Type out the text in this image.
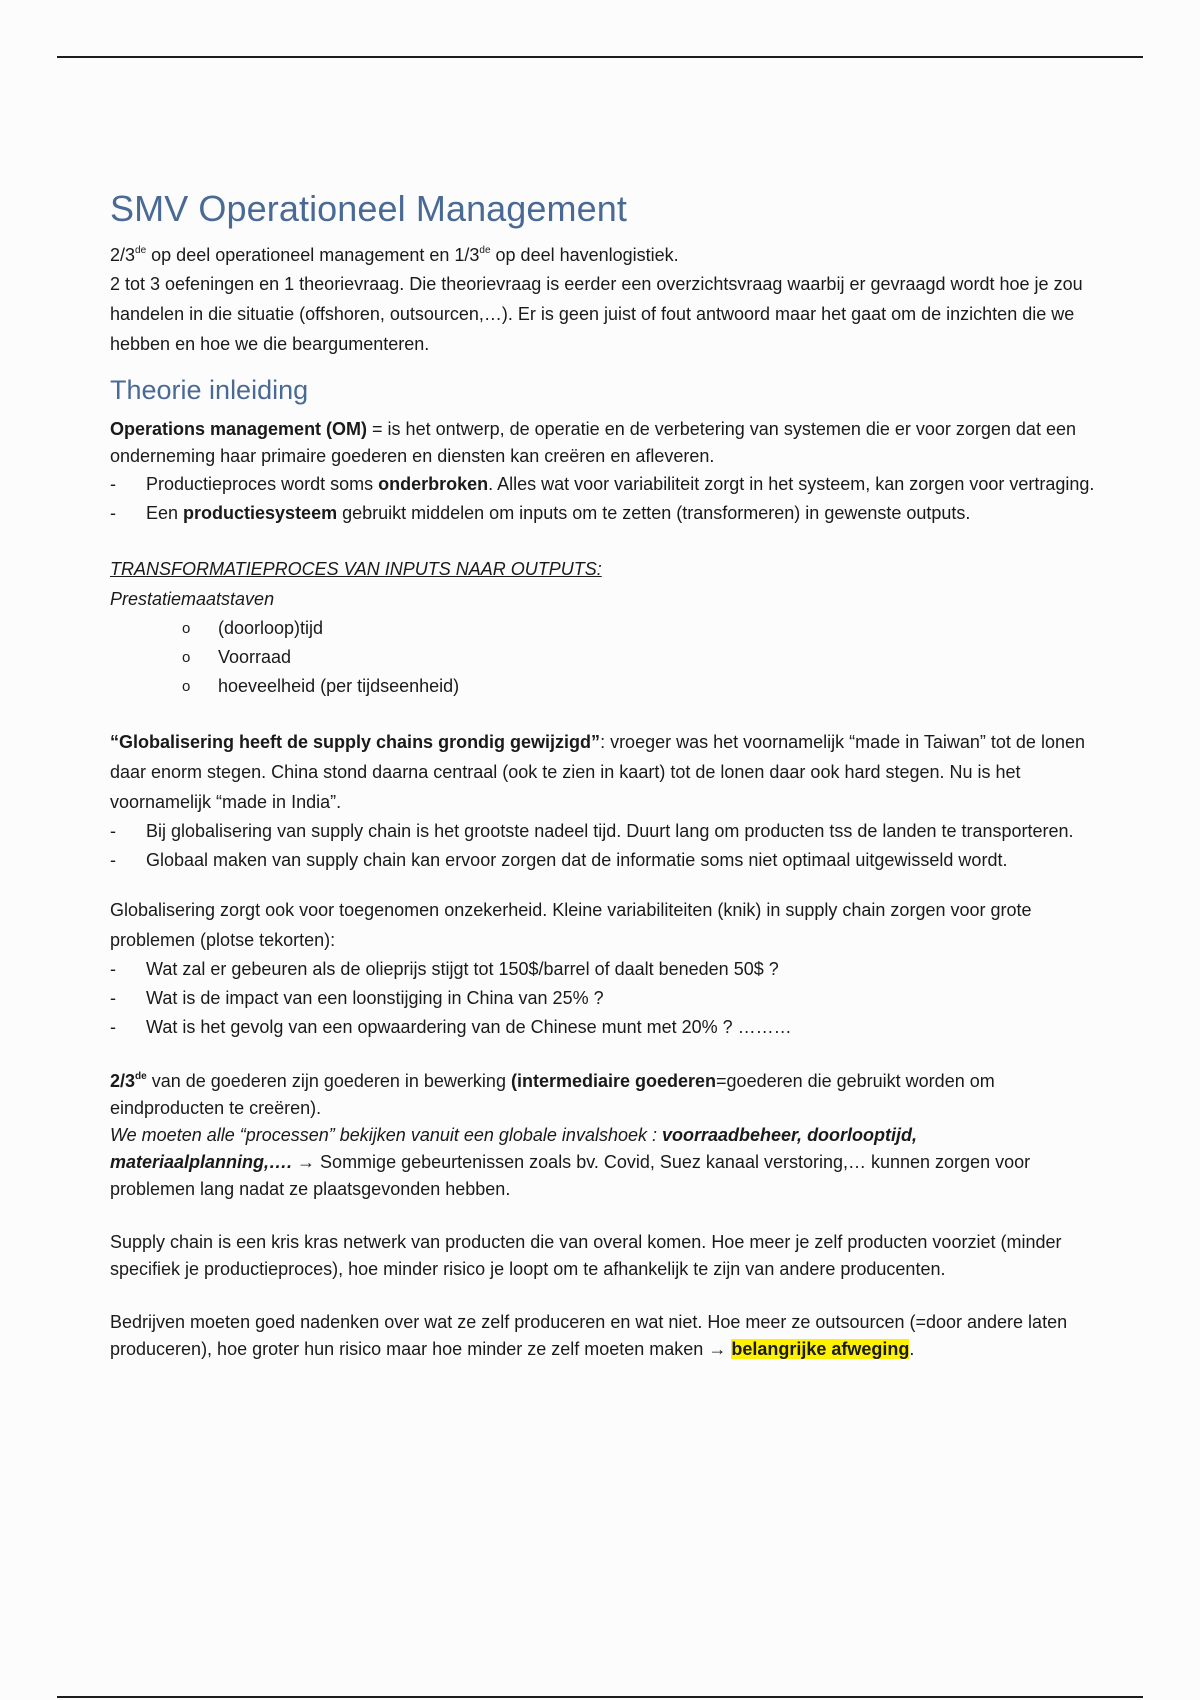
SMV Operationeel Management

2/3de op deel operationeel management en 1/3de op deel havenlogistiek.

2 tot 3 oefeningen en 1 theorievraag. Die theorievraag is eerder een overzichtsvraag waarbij er gevraagd wordt hoe je zou handelen in die situatie (offshoren, outsourcen,…). Er is geen juist of fout antwoord maar het gaat om de inzichten die we hebben en hoe we die beargumenteren.

Theorie inleiding

Operations management (OM) = is het ontwerp, de operatie en de verbetering van systemen die er voor zorgen dat een onderneming haar primaire goederen en diensten kan creëren en afleveren.

- Productieproces wordt soms onderbroken. Alles wat voor variabiliteit zorgt in het systeem, kan zorgen voor vertraging.
- Een productiesysteem gebruikt middelen om inputs om te zetten (transformeren) in gewenste outputs.

TRANSFORMATIEPROCES VAN INPUTS NAAR OUTPUTS:

Prestatiemaatstaven

o (doorloop)tijd
o Voorraad
o hoeveelheid (per tijdseenheid)

“Globalisering heeft de supply chains grondig gewijzigd”: vroeger was het voornamelijk “made in Taiwan” tot de lonen daar enorm stegen. China stond daarna centraal (ook te zien in kaart) tot de lonen daar ook hard stegen. Nu is het voornamelijk “made in India”.

- Bij globalisering van supply chain is het grootste nadeel tijd. Duurt lang om producten tss de landen te transporteren.
- Globaal maken van supply chain kan ervoor zorgen dat de informatie soms niet optimaal uitgewisseld wordt.

Globalisering zorgt ook voor toegenomen onzekerheid. Kleine variabiliteiten (knik) in supply chain zorgen voor grote problemen (plotse tekorten):

- Wat zal er gebeuren als de olieprijs stijgt tot 150$/barrel of daalt beneden 50$ ?
- Wat is de impact van een loonstijging in China van 25% ?
- Wat is het gevolg van een opwaardering van de Chinese munt met 20% ? ………

2/3de van de goederen zijn goederen in bewerking (intermediaire goederen=goederen die gebruikt worden om eindproducten te creëren).
We moeten alle “processen” bekijken vanuit een globale invalshoek : voorraadbeheer, doorlooptijd, materiaalplanning,…. → Sommige gebeurtenissen zoals bv. Covid, Suez kanaal verstoring,… kunnen zorgen voor problemen lang nadat ze plaatsgevonden hebben.

Supply chain is een kris kras netwerk van producten die van overal komen. Hoe meer je zelf producten voorziet (minder specifiek je productieproces), hoe minder risico je loopt om te afhankelijk te zijn van andere producenten.

Bedrijven moeten goed nadenken over wat ze zelf produceren en wat niet. Hoe meer ze outsourcen (=door andere laten produceren), hoe groter hun risico maar hoe minder ze zelf moeten maken → belangrijke afweging.
